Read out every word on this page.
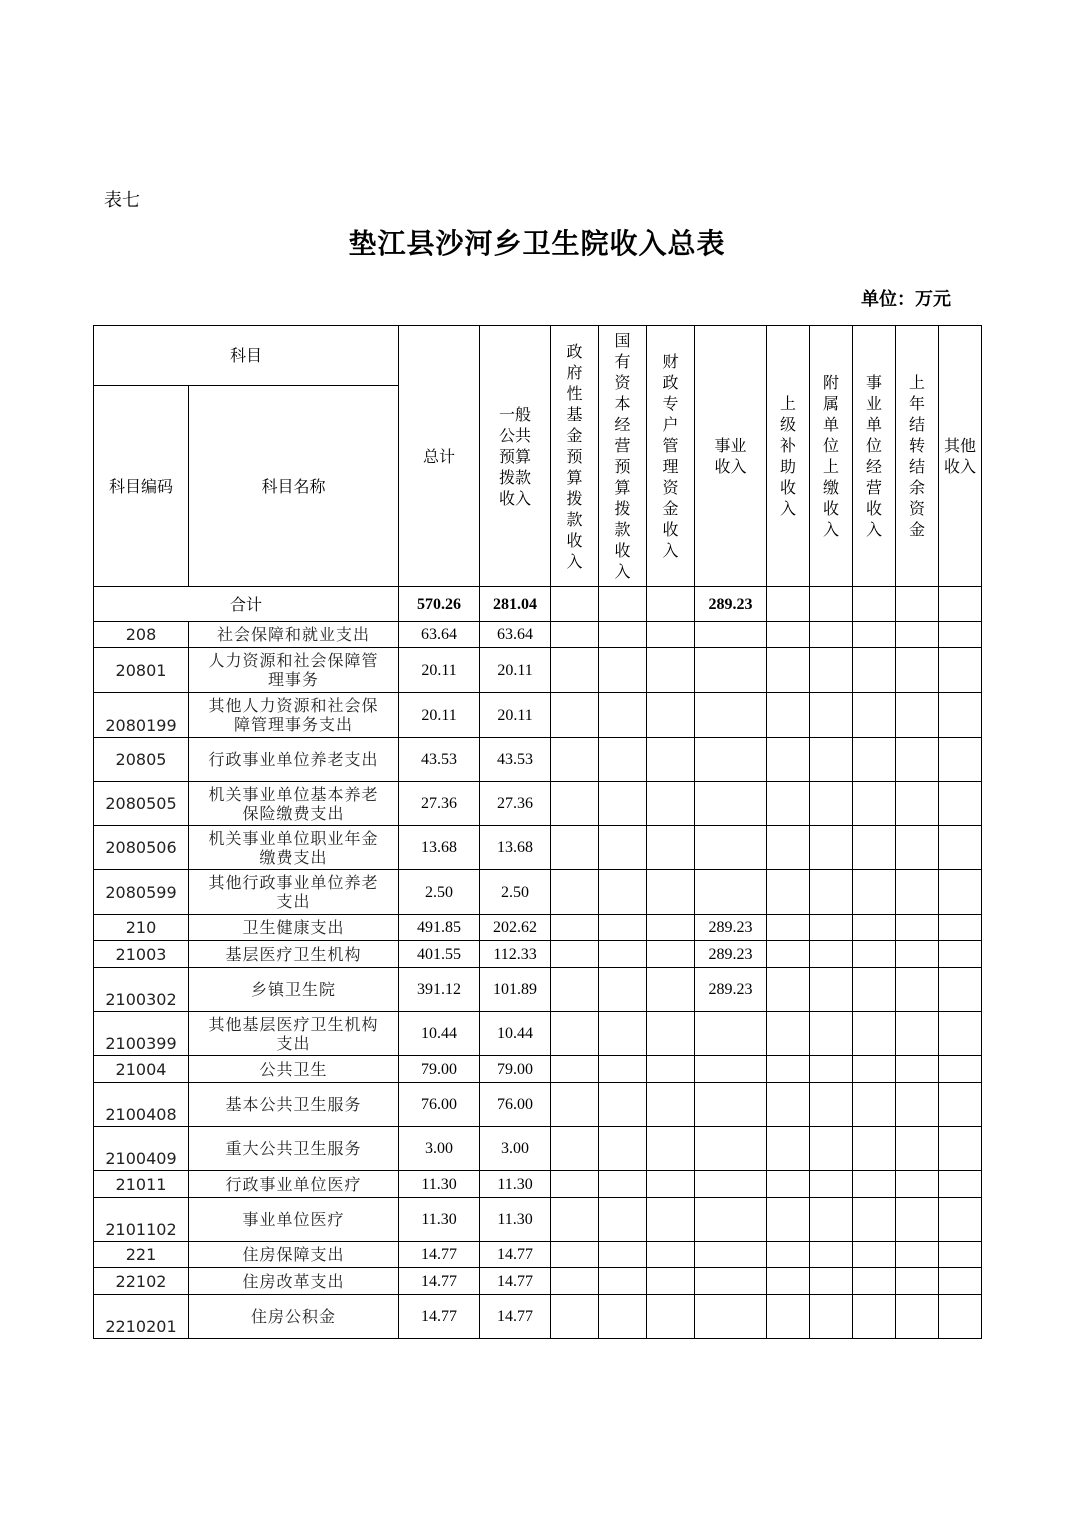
表七
垫江县沙河乡卫生院收入总表
单位：万元
科目		总计	一般公共预算拨款收入	政府性基金预算拨款收入	国有资本经营预算拨款收入	财政专户管理资金收入	事业收入	上级补助收入	附属单位上缴收入	事业单位经营收入	上年结转结余资金	其他收入
科目编码	科目名称											
合计		570.26	281.04				289.23					
208	社会保障和就业支出	63.64	63.64									
20801	人力资源和社会保障管理事务	20.11	20.11									
2080199	其他人力资源和社会保障管理事务支出	20.11	20.11									
20805	行政事业单位养老支出	43.53	43.53									
2080505	机关事业单位基本养老保险缴费支出	27.36	27.36									
2080506	机关事业单位职业年金缴费支出	13.68	13.68									
2080599	其他行政事业单位养老支出	2.50	2.50									
210	卫生健康支出	491.85	202.62				289.23					
21003	基层医疗卫生机构	401.55	112.33				289.23					
2100302	乡镇卫生院	391.12	101.89				289.23					
2100399	其他基层医疗卫生机构支出	10.44	10.44									
21004	公共卫生	79.00	79.00									
2100408	基本公共卫生服务	76.00	76.00									
2100409	重大公共卫生服务	3.00	3.00									
21011	行政事业单位医疗	11.30	11.30									
2101102	事业单位医疗	11.30	11.30									
221	住房保障支出	14.77	14.77									
22102	住房改革支出	14.77	14.77									
2210201	住房公积金	14.77	14.77									
